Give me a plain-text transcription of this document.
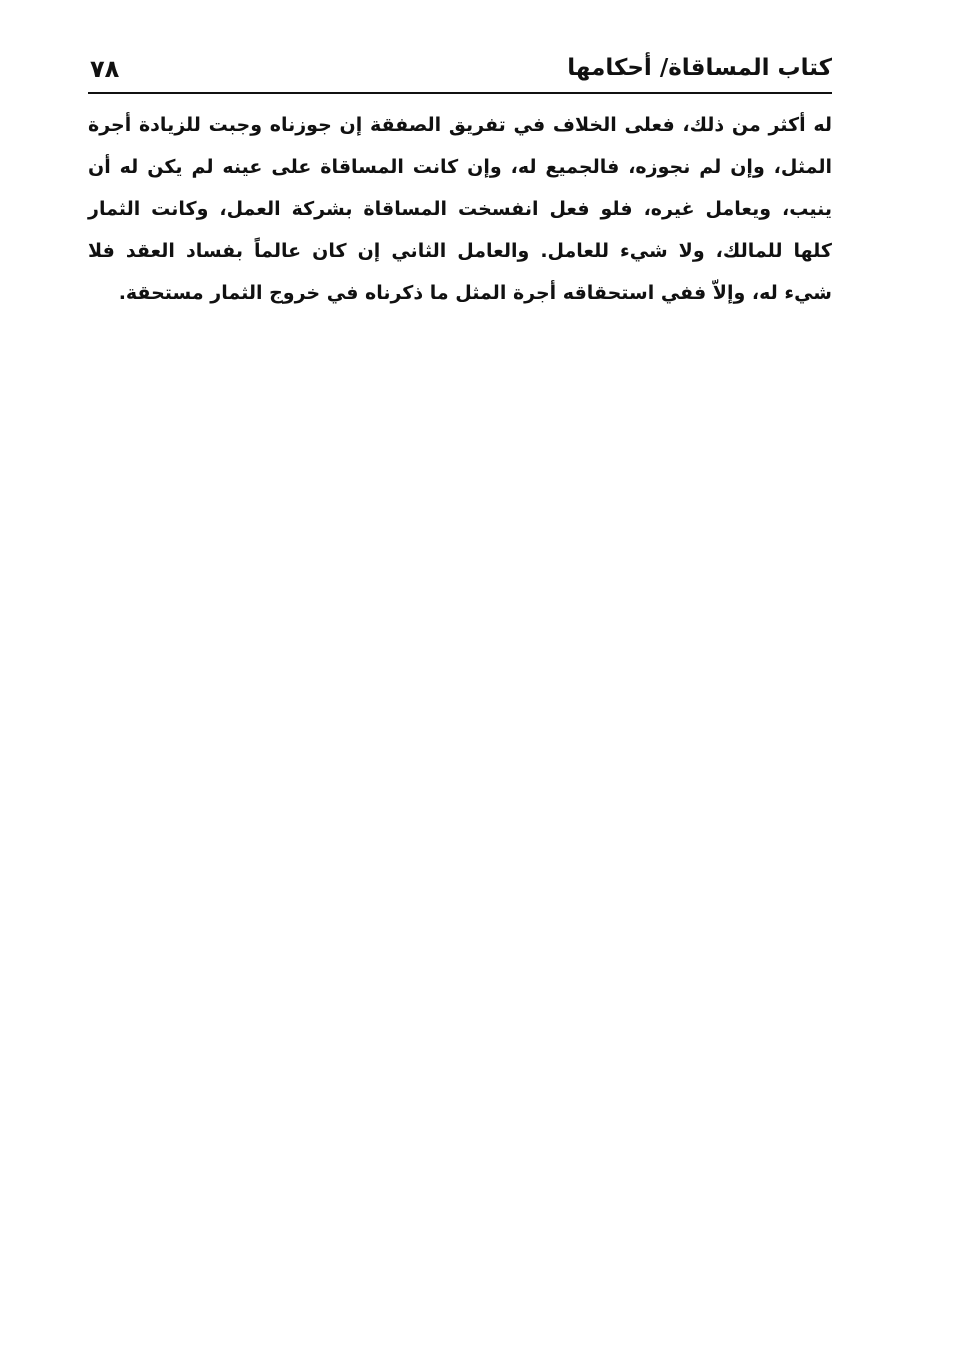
٧٨	كتاب المساقاة/ أحكامها

له أكثر من ذلك، فعلى الخلاف في تفريق الصفقة إن جوزناه وجبت للزيادة أجرة المثل، وإن لم نجوزه، فالجميع له، وإن كانت المساقاة على عينه لم يكن له أن ينيب، ويعامل غيره، فلو فعل انفسخت المساقاة بشركة العمل، وكانت الثمار كلها للمالك، ولا شيء للعامل. والعامل الثاني إن كان عالماً بفساد العقد فلا شيء له، وإلاّ ففي استحقاقه أجرة المثل ما ذكرناه في خروج الثمار مستحقة.
